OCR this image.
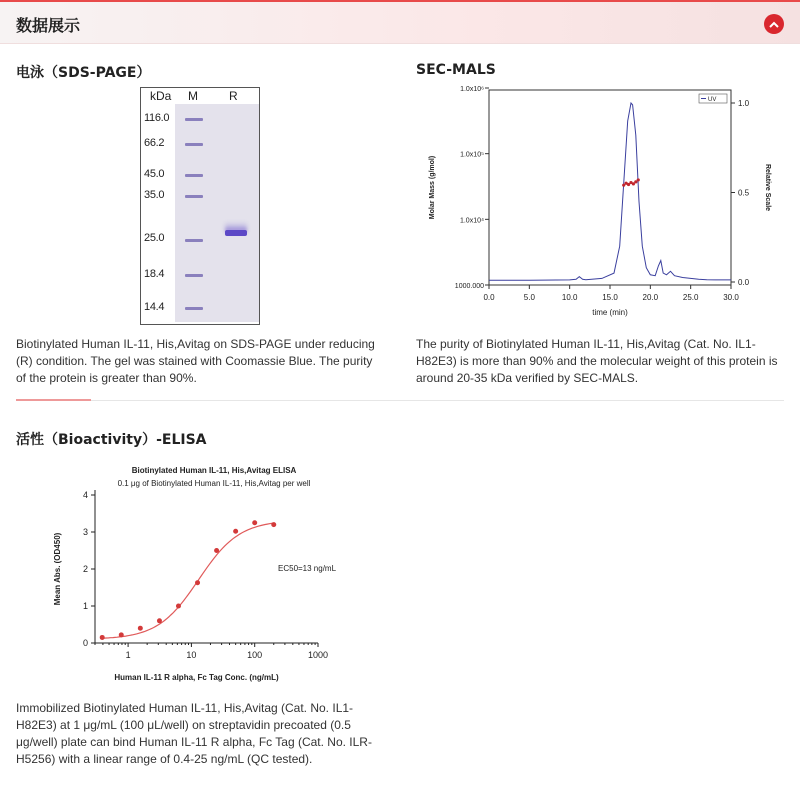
数据展示
电泳（SDS-PAGE）
kDa M	R
116.0
66.2
45.0
35.0
25.0
18.4
14.4
Biotinylated Human IL-11, His,Avitag on SDS-PAGE under reducing (R) condition. The gel was stained with Coomassie Blue. The purity of the protein is greater than 90%.
SEC-MALS
0.0	5.0	10.0	15.0	20.0	25.0	30.0
time (min)
1000.000
1.0x10⁴
1.0x10⁵
1.0x10⁶
Molar Mass (g/mol)
0.0
0.5
1.0
Relative Scale
UV
The purity of Biotinylated Human IL-11, His,Avitag (Cat. No. IL1-H82E3) is more than 90% and the molecular weight of this protein is around 20-35 kDa verified by SEC-MALS.
活性（Bioactivity）-ELISA
Biotinylated Human IL-11, His,Avitag ELISA
0.1 μg of Biotinylated Human IL-11, His,Avitag per well
0
1
2
3
4
1	10	100	1000
Human IL-11 R alpha, Fc Tag Conc. (ng/mL)
Mean Abs. (OD450)	EC50=13 ng/mL
Immobilized Biotinylated Human IL-11, His,Avitag (Cat. No. IL1-H82E3) at 1 μg/mL (100 μL/well) on streptavidin precoated (0.5 μg/well) plate can bind Human IL-11 R alpha, Fc Tag (Cat. No. ILR-H5256) with a linear range of 0.4-25 ng/mL (QC tested).
